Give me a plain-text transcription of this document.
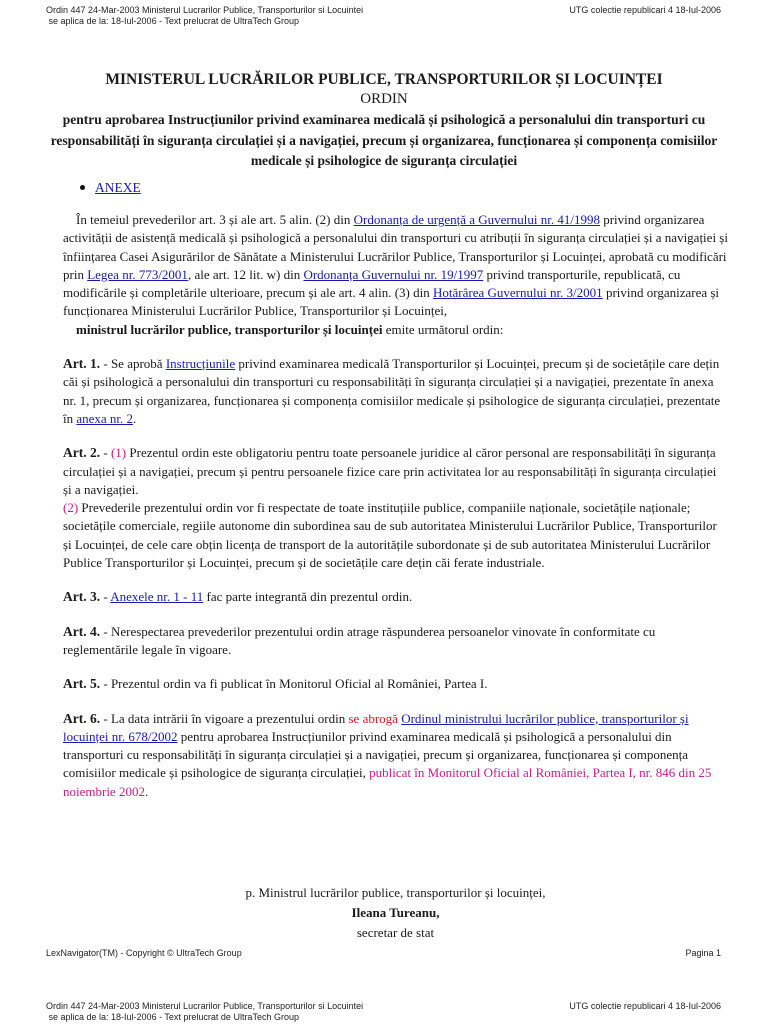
Ordin 447 24-Mar-2003 Ministerul Lucrarilor Publice, Transporturilor si Locuintei
se aplica de la: 18-Iul-2006 - Text prelucrat de UltraTech Group
UTG colectie republicari 4 18-Iul-2006
MINISTERUL LUCRĂRILOR PUBLICE, TRANSPORTURILOR ȘI LOCUINȚEI
ORDIN
pentru aprobarea Instrucțiunilor privind examinarea medicală și psihologică a personalului din transporturi cu responsabilități în siguranța circulației și a navigației, precum și organizarea, funcționarea și componența comisiilor medicale și psihologice de siguranța circulației
ANEXE

În temeiul prevederilor art. 3 și ale art. 5 alin. (2) din Ordonanța de urgență a Guvernului nr. 41/1998 privind organizarea activității de asistență medicală și psihologică a personalului din transporturi cu atribuții în siguranța circulației și a navigației și înființarea Casei Asigurărilor de Sănătate a Ministerului Lucrărilor Publice, Transporturilor și Locuinței, aprobată cu modificări prin Legea nr. 773/2001, ale art. 12 lit. w) din Ordonanța Guvernului nr. 19/1997 privind transporturile, republicată, cu modificările și completările ulterioare, precum și ale art. 4 alin. (3) din Hotărârea Guvernului nr. 3/2001 privind organizarea și funcționarea Ministerului Lucrărilor Publice, Transporturilor și Locuinței,

ministrul lucrărilor publice, transporturilor și locuinței emite următorul ordin:

Art. 1. - Se aprobă Instrucțiunile privind examinarea medicală Transporturilor și Locuinței, precum și de societățile care dețin căi și psihologică a personalului din transporturi cu responsabilități în siguranța circulației și a navigației, prezentate în anexa nr. 1, precum și organizarea, funcționarea și componența comisiilor medicale și psihologice de siguranța circulației, prezentate în anexa nr. 2.

Art. 2. - (1) Prezentul ordin este obligatoriu pentru toate persoanele juridice al căror personal are responsabilități în siguranța circulației și a navigației, precum și pentru persoanele fizice care prin activitatea lor au responsabilități în siguranța circulației și a navigației.

(2) Prevederile prezentului ordin vor fi respectate de toate instituțiile publice, companiile naționale, societățile naționale; societățile comerciale, regiile autonome din subordinea sau de sub autoritatea Ministerului Lucrărilor Publice, Transporturilor și Locuinței, de cele care obțin licența de transport de la autoritățile subordonate și de sub autoritatea Ministerului Lucrărilor Publice Transporturilor și Locuinței, precum și de societățile care dețin căi ferate industriale.

Art. 3. - Anexele nr. 1 - 11 fac parte integrantă din prezentul ordin.

Art. 4. - Nerespectarea prevederilor prezentului ordin atrage răspunderea persoanelor vinovate în conformitate cu reglementările legale în vigoare.

Art. 5. - Prezentul ordin va fi publicat în Monitorul Oficial al României, Partea I.

Art. 6. - La data intrării în vigoare a prezentului ordin se abrogă Ordinul ministrului lucrărilor publice, transporturilor și locuinței nr. 678/2002 pentru aprobarea Instrucțiunilor privind examinarea medicală și psihologică a personalului din transporturi cu responsabilități în siguranța circulației și a navigației, precum și organizarea, funcționarea și componența comisiilor medicale și psihologice de siguranța circulației, publicat în Monitorul Oficial al României, Partea I, nr. 846 din 25 noiembrie 2002.

p. Ministrul lucrărilor publice, transporturilor și locuinței,
Ileana Tureanu,
secretar de stat
LexNavigator(TM) - Copyright © UltraTech Group	Pagina 1
Ordin 447 24-Mar-2003 Ministerul Lucrarilor Publice, Transporturilor si Locuintei
se aplica de la: 18-Iul-2006 - Text prelucrat de UltraTech Group
UTG colectie republicari 4 18-Iul-2006
